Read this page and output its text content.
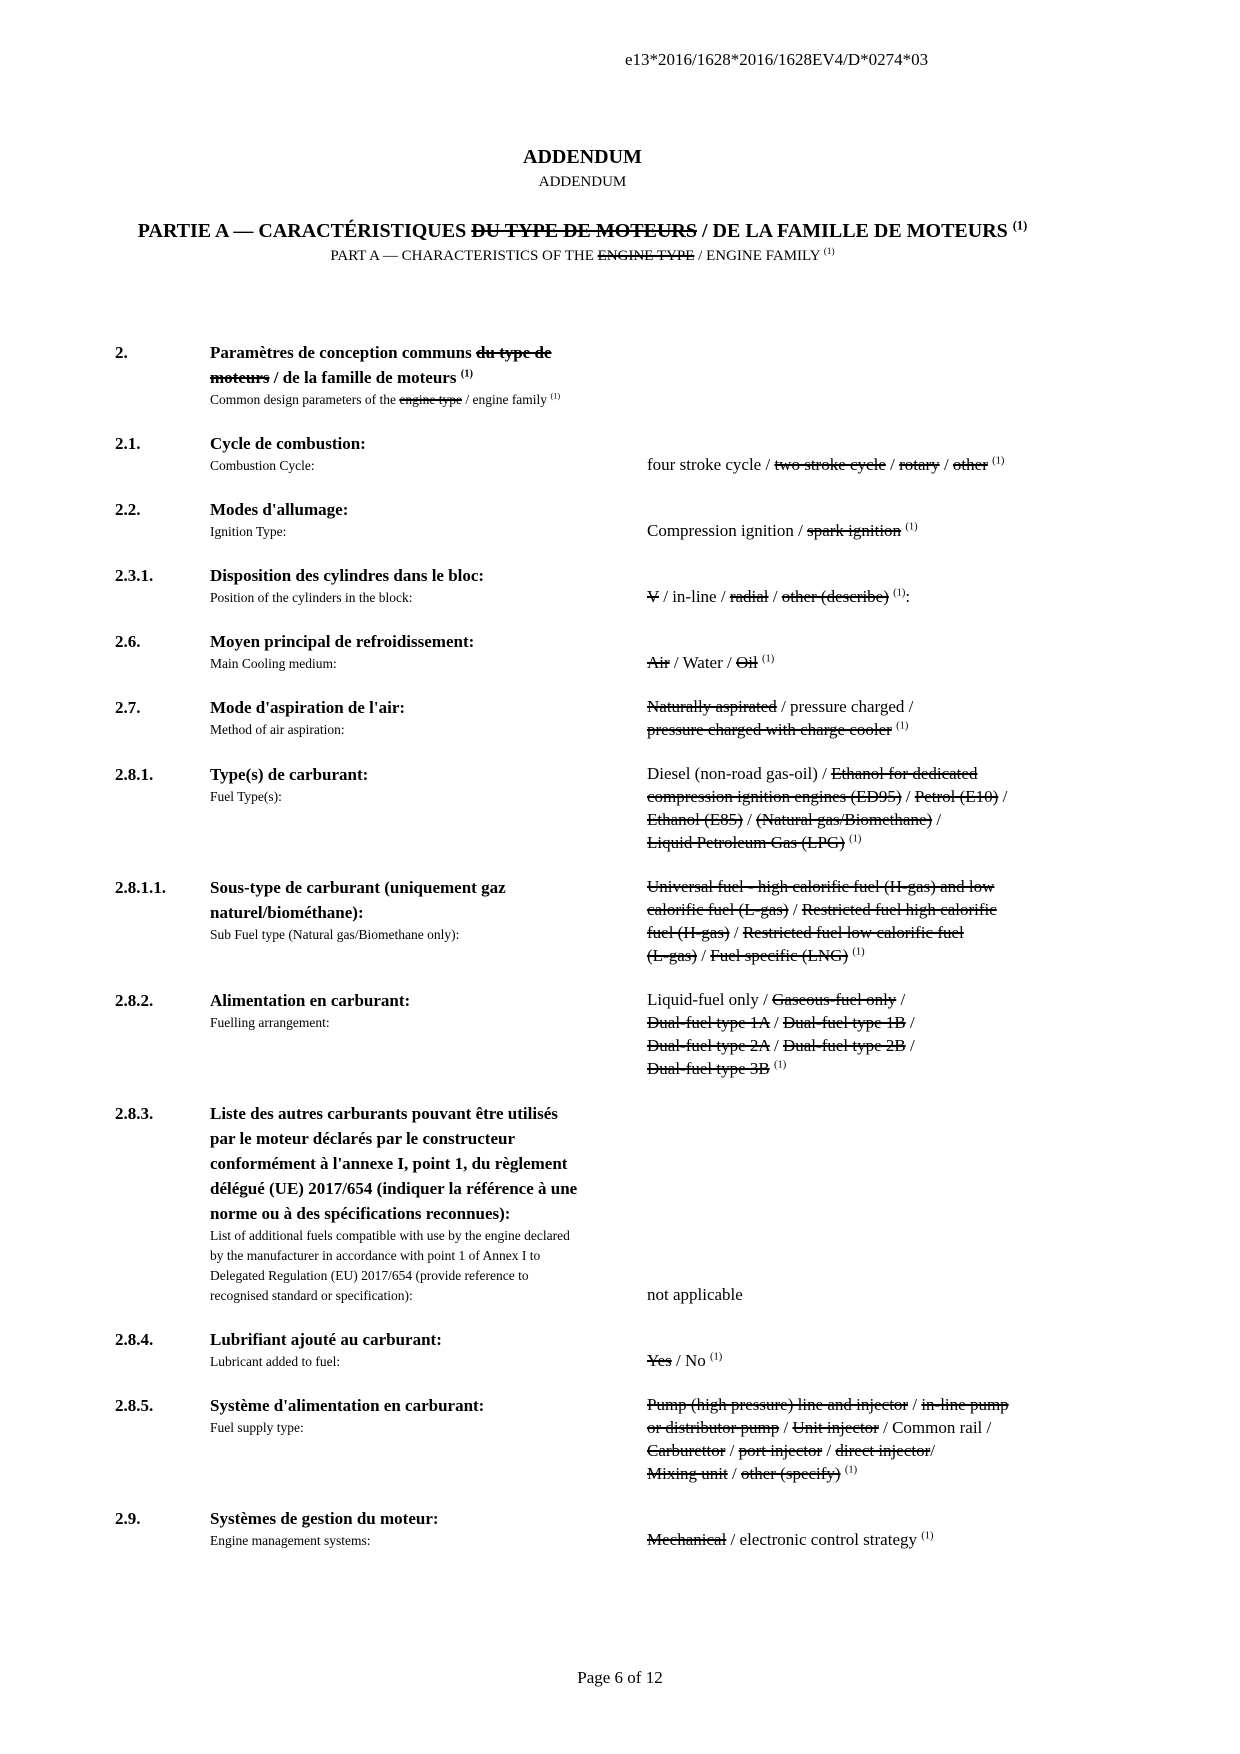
e13*2016/1628*2016/1628EV4/D*0274*03
ADDENDUM
ADDENDUM
PARTIE A — CARACTÉRISTIQUES DU TYPE DE MOTEURS / DE LA FAMILLE DE MOTEURS $^{(1)}$
PART A — CHARACTERISTICS OF THE ENGINE TYPE / ENGINE FAMILY $^{(1)}$
2.	Paramètres de conception communs du type de
moteurs / de la famille de moteurs $^{(1)}$
Common design parameters of the engine type / engine family $^{(1)}$
2.1.	Cycle de combustion:
Combustion Cycle:	four stroke cycle / two stroke cycle / rotary / other $^{(1)}$
2.2.	Modes d'allumage:
Ignition Type:	Compression ignition / spark ignition $^{(1)}$
2.3.1.	Disposition des cylindres dans le bloc:
Position of the cylinders in the block:	V / in-line / radial / other (describe) $^{(1)}$:
2.6.	Moyen principal de refroidissement:
Main Cooling medium:	Air / Water / Oil $^{(1)}$
2.7.	Mode d'aspiration de l'air:
Method of air aspiration:
Naturally aspirated / pressure charged /
pressure charged with charge cooler $^{(1)}$
2.8.1.	Type(s) de carburant:
Fuel Type(s):
Diesel (non-road gas-oil) / Ethanol for dedicated
compression ignition engines (ED95) / Petrol (E10) /
Ethanol (E85) / (Natural gas/Biomethane) /
Liquid Petroleum Gas (LPG) $^{(1)}$
2.8.1.1.	Sous-type de carburant (uniquement gaz
naturel/biométhane):
Sub Fuel type (Natural gas/Biomethane only):
Universal fuel - high calorific fuel (H-gas) and low
calorific fuel (L-gas) / Restricted fuel high calorific
fuel (H-gas) / Restricted fuel low calorific fuel
(L-gas) / Fuel specific (LNG) $^{(1)}$
2.8.2.	Alimentation en carburant:
Fuelling arrangement:
Liquid-fuel only / Gaseous-fuel only /
Dual-fuel type 1A / Dual-fuel type 1B /
Dual-fuel type 2A / Dual-fuel type 2B /
Dual-fuel type 3B $^{(1)}$
2.8.3.	Liste des autres carburants pouvant être utilisés
par le moteur déclarés par le constructeur
conformément à l'annexe I, point 1, du règlement
délégué (UE) 2017/654 (indiquer la référence à une
norme ou à des spécifications reconnues):
List of additional fuels compatible with use by the engine declared
by the manufacturer in accordance with point 1 of Annex I to
Delegated Regulation (EU) 2017/654 (provide reference to
recognised standard or specification):	not applicable
2.8.4.	Lubrifiant ajouté au carburant:
Lubricant added to fuel:	Yes / No $^{(1)}$
2.8.5.	Système d'alimentation en carburant:
Fuel supply type:
Pump (high pressure) line and injector / in-line pump
or distributor pump / Unit injector / Common rail /
Carburettor / port injector / direct injector/
Mixing unit / other (specify) $^{(1)}$
2.9.	Systèmes de gestion du moteur:
Engine management systems:	Mechanical / electronic control strategy $^{(1)}$
Page 6 of 12
